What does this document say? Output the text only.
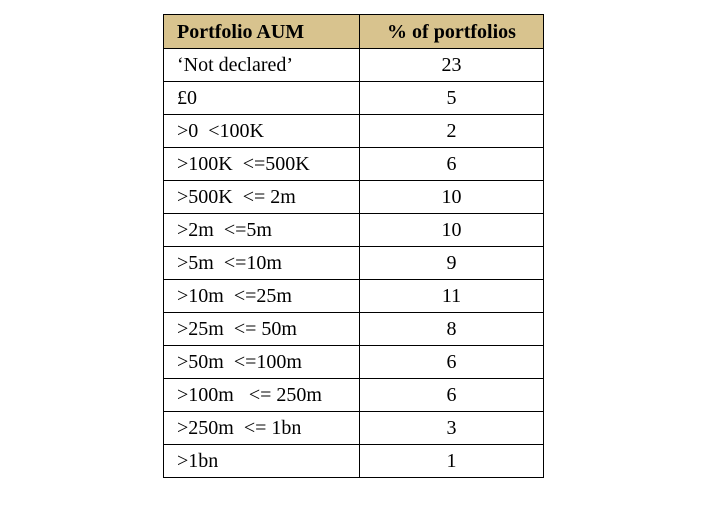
Portfolio AUM	% of portfolios
‘Not declared’	23
£0	5
>0  <100K	2
>100K  <=500K	6
>500K  <= 2m	10
>2m  <=5m	10
>5m  <=10m	9
>10m  <=25m	11
>25m  <= 50m	8
>50m  <=100m	6
>100m   <= 250m	6
>250m  <= 1bn	3
>1bn	1
